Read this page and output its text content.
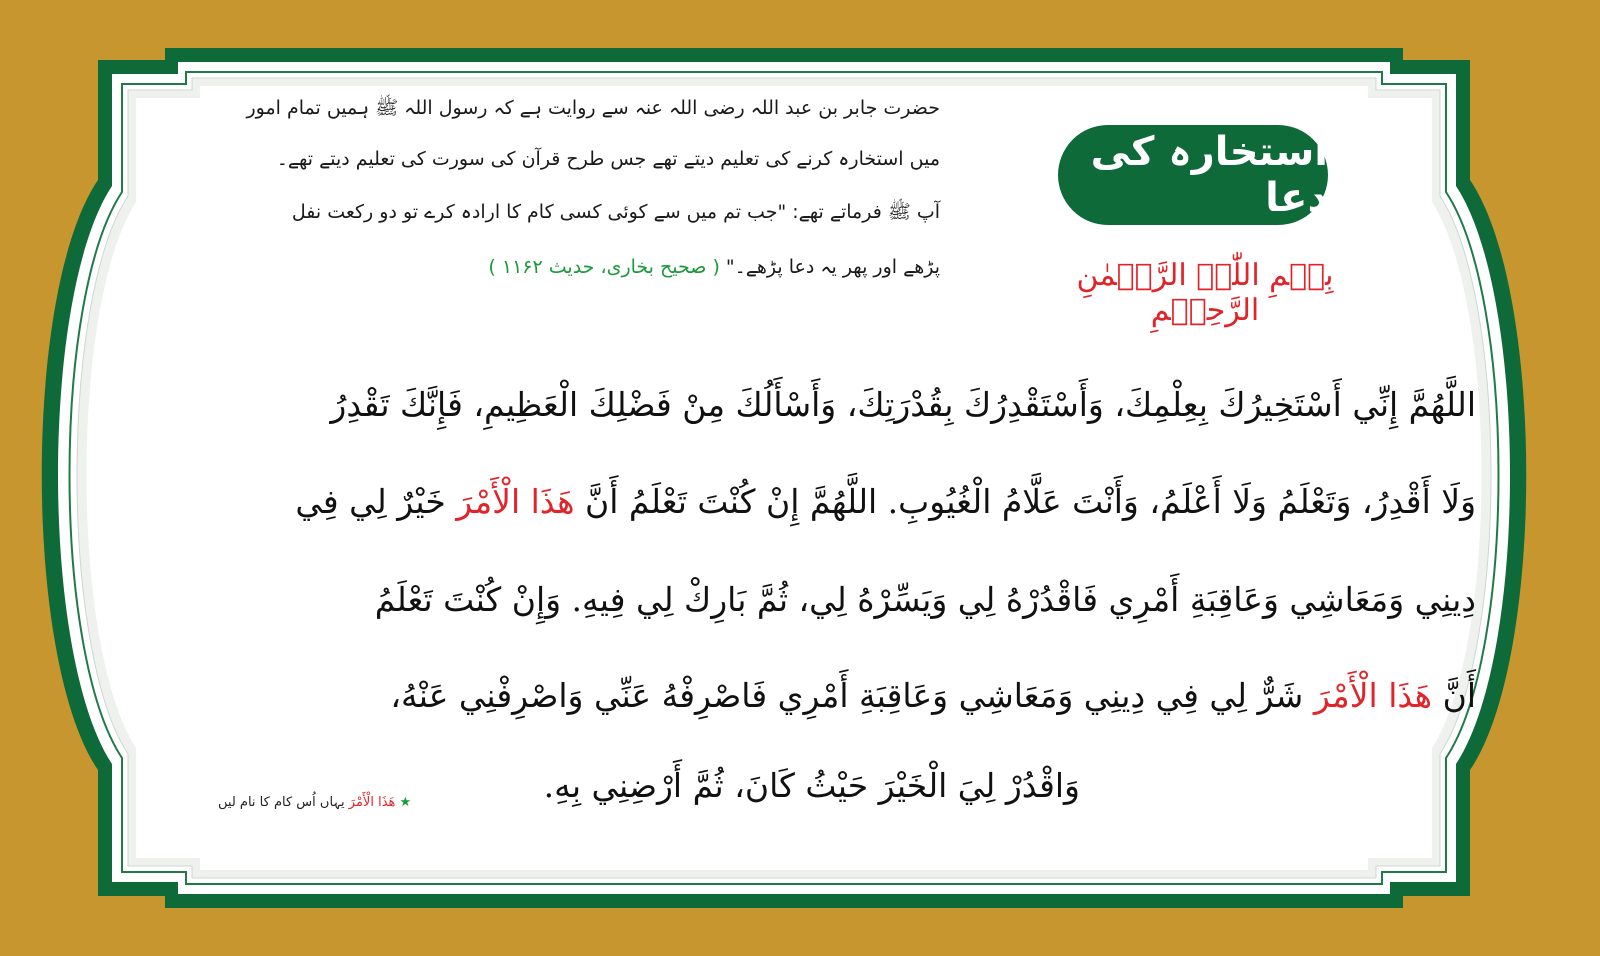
استخارہ کی دعا
بِسۡمِ اللّٰہِ الرَّحۡمٰنِ الرَّحِیۡمِ
حضرت جابر بن عبد اللہ رضی اللہ عنہ سے روایت ہے کہ رسول اللہ ﷺ ہمیں تمام امور
میں استخارہ کرنے کی تعلیم دیتے تھے جس طرح قرآن کی سورت کی تعلیم دیتے تھے۔
آپ ﷺ فرماتے تھے: "جب تم میں سے کوئی کسی کام کا ارادہ کرے تو دو رکعت نفل
پڑھے اور پھر یہ دعا پڑھے۔" ( صحیح بخاری، حدیث ۱۱۶۲ )
اللَّهُمَّ إِنِّي أَسْتَخِيرُكَ بِعِلْمِكَ، وَأَسْتَقْدِرُكَ بِقُدْرَتِكَ، وَأَسْأَلُكَ مِنْ فَضْلِكَ الْعَظِيمِ، فَإِنَّكَ تَقْدِرُ
وَلَا أَقْدِرُ، وَتَعْلَمُ وَلَا أَعْلَمُ، وَأَنْتَ عَلَّامُ الْغُيُوبِ. اللَّهُمَّ إِنْ كُنْتَ تَعْلَمُ أَنَّ هَذَا الْأَمْرَ خَيْرٌ لِي فِي
دِينِي وَمَعَاشِي وَعَاقِبَةِ أَمْرِي فَاقْدُرْهُ لِي وَيَسِّرْهُ لِي، ثُمَّ بَارِكْ لِي فِيهِ. وَإِنْ كُنْتَ تَعْلَمُ
أَنَّ هَذَا الْأَمْرَ شَرٌّ لِي فِي دِينِي وَمَعَاشِي وَعَاقِبَةِ أَمْرِي فَاصْرِفْهُ عَنِّي وَاصْرِفْنِي عَنْهُ،
وَاقْدُرْ لِيَ الْخَيْرَ حَيْثُ كَانَ، ثُمَّ أَرْضِنِي بِهِ.
★ هَذَا الْأَمْرَ یہاں اُس کام کا نام لیں
